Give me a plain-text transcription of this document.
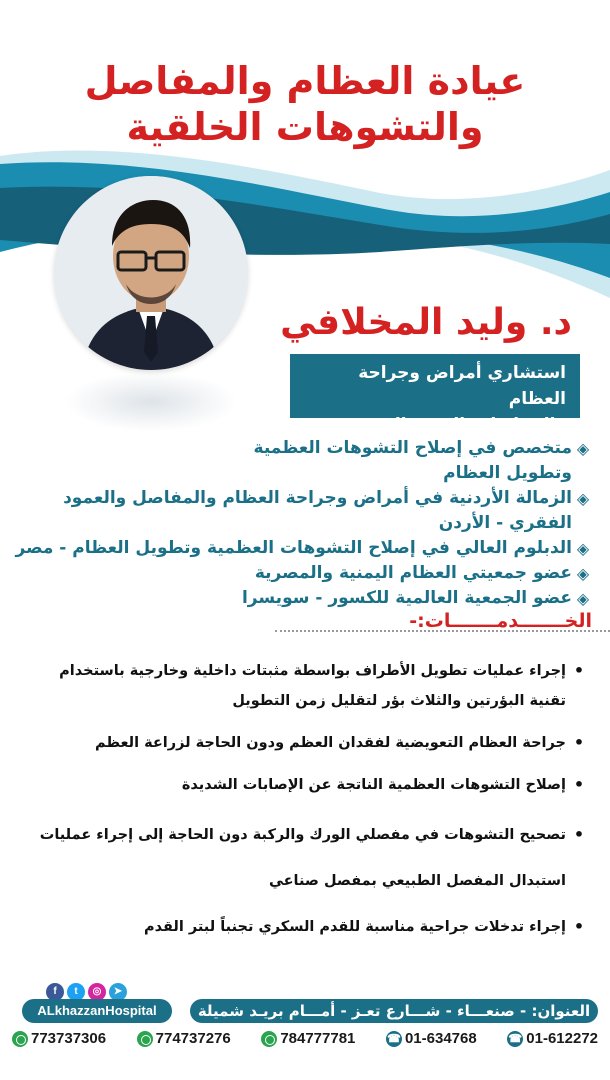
عيادة العظام والمفاصل
والتشوهات الخلقية
د. وليد المخلافي
استشاري أمراض وجراحة العظام
والمفاصل والعمود الفقري
◈
متخصص في إصلاح التشوهات العظمية
وتطويل العظام
◈
الزمالة الأردنية في أمراض وجراحة العظام والمفاصل والعمود الفقري - الأردن
◈
الدبلوم العالي في إصلاح التشوهات العظمية وتطويل العظام - مصر
◈
عضو جمعيتي العظام اليمنية والمصرية
◈
عضو الجمعية العالمية للكسور - سويسرا
الخـــــــدمـــــــات:-
•
إجراء عمليات تطويل الأطراف بواسطة مثبتات داخلية وخارجية باستخدام
تقنية البؤرتين والثلاث بؤر لتقليل زمن التطويل
•
جراحة العظام التعويضية لفقدان العظم ودون الحاجة لزراعة العظم
•
إصلاح التشوهات العظمية الناتجة عن الإصابات الشديدة
•
تصحيح التشوهات في مفصلي الورك والركبة دون الحاجة إلى إجراء عمليات
استبدال المفصل الطبيعي بمفصل صناعي
•
إجراء تدخلات جراحية مناسبة للقدم السكري تجنباً لبتر القدم
f	t	◎	➤
ALkhazzanHospital	العنوان: - صنعـــاء - شـــارع تعـز - أمـــام بريـد شميلة
773737306	774737276	784777781 ☎	01-634768 ☎	01-612272
